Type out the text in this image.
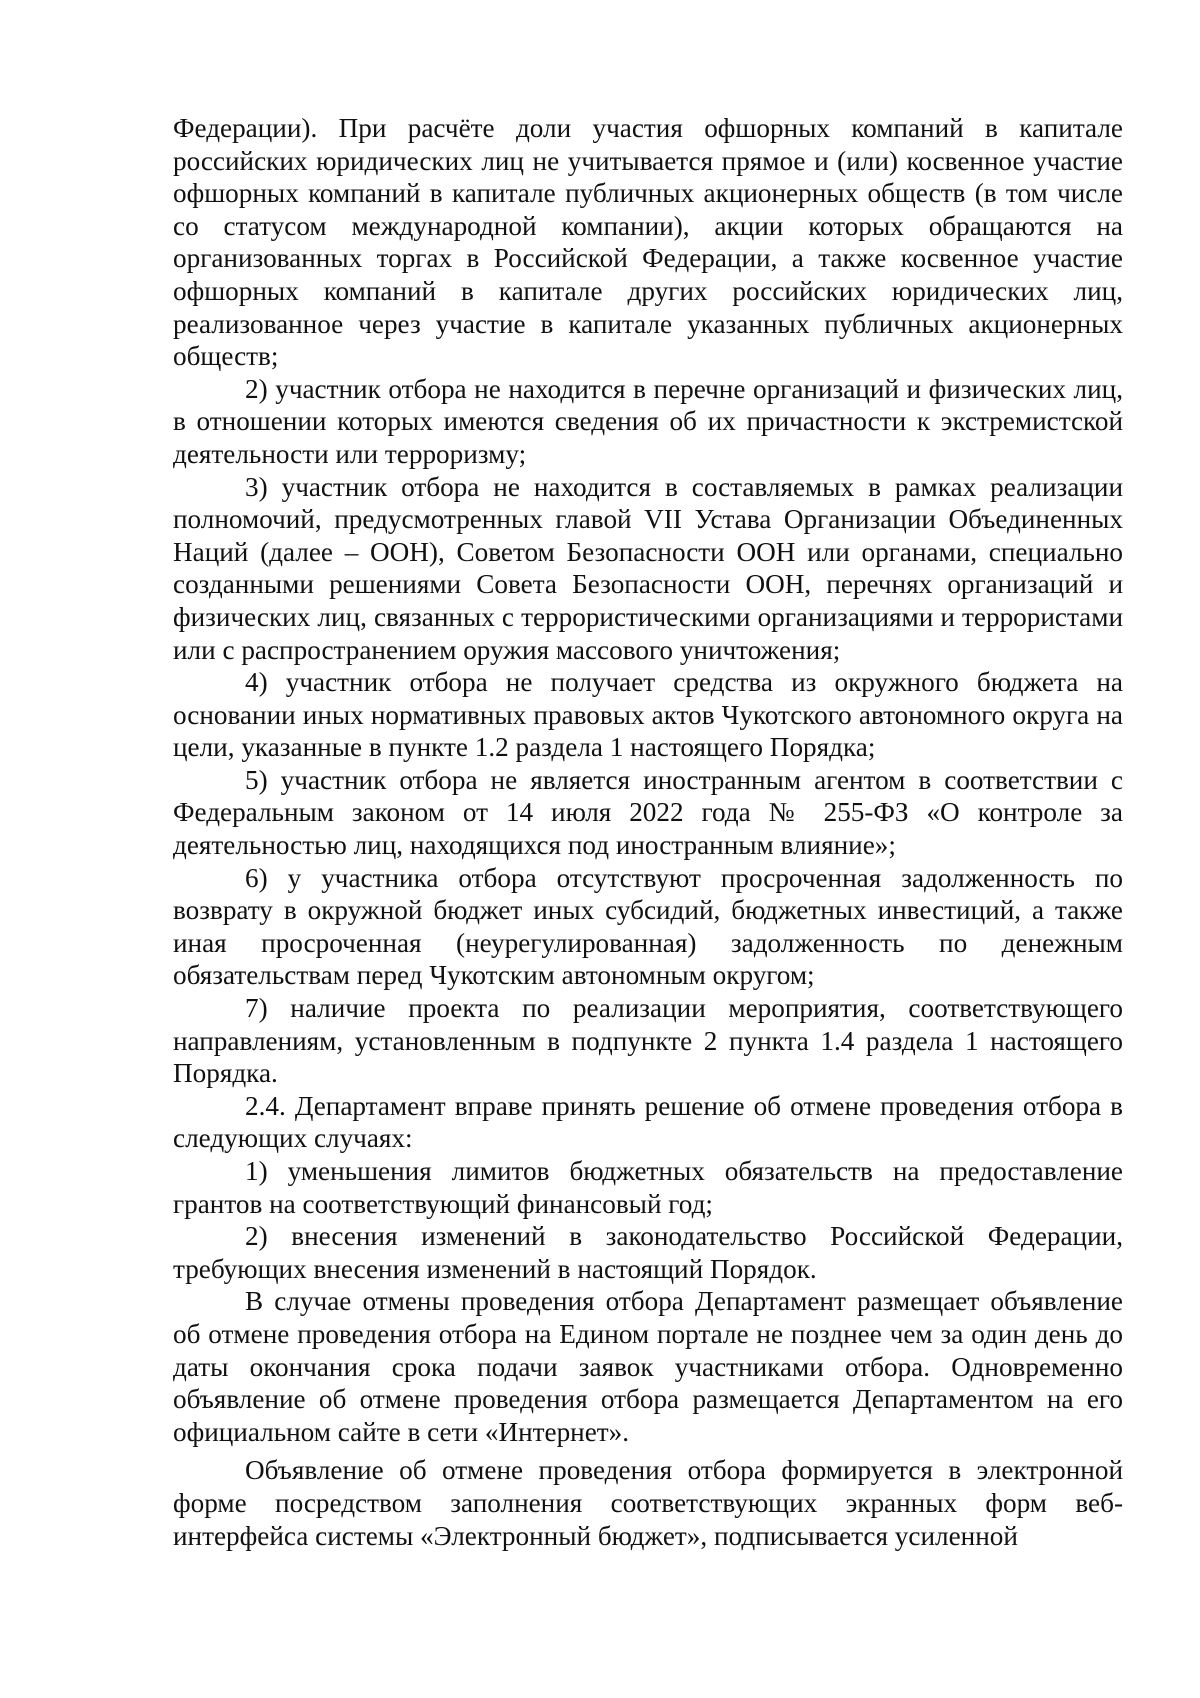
Федерации). При расчёте доли участия офшорных компаний в капитале российских юридических лиц не учитывается прямое и (или) косвенное участие офшорных компаний в капитале публичных акционерных обществ (в том числе со статусом международной компании), акции которых обращаются на организованных торгах в Российской Федерации, а также косвенное участие офшорных компаний в капитале других российских юридических лиц, реализованное через участие в капитале указанных публичных акционерных обществ;

2) участник отбора не находится в перечне организаций и физических лиц, в отношении которых имеются сведения об их причастности к экстремистской деятельности или терроризму;

3) участник отбора не находится в составляемых в рамках реализации полномочий, предусмотренных главой VII Устава Организации Объединенных Наций (далее – ООН), Советом Безопасности ООН или органами, специально созданными решениями Совета Безопасности ООН, перечнях организаций и физических лиц, связанных с террористическими организациями и террористами или с распространением оружия массового уничтожения;

4) участник отбора не получает средства из окружного бюджета на основании иных нормативных правовых актов Чукотского автономного округа на цели, указанные в пункте 1.2 раздела 1 настоящего Порядка;

5) участник отбора не является иностранным агентом в соответствии с Федеральным законом от 14 июля 2022 года № 255-ФЗ «О контроле за деятельностью лиц, находящихся под иностранным влияние»;

6) у участника отбора отсутствуют просроченная задолженность по возврату в окружной бюджет иных субсидий, бюджетных инвестиций, а также иная просроченная (неурегулированная) задолженность по денежным обязательствам перед Чукотским автономным округом;

7) наличие проекта по реализации мероприятия, соответствующего направлениям, установленным в подпункте 2 пункта 1.4 раздела 1 настоящего Порядка.

2.4. Департамент вправе принять решение об отмене проведения отбора в следующих случаях:

1) уменьшения лимитов бюджетных обязательств на предоставление грантов на соответствующий финансовый год;

2) внесения изменений в законодательство Российской Федерации, требующих внесения изменений в настоящий Порядок.

В случае отмены проведения отбора Департамент размещает объявление об отмене проведения отбора на Едином портале не позднее чем за один день до даты окончания срока подачи заявок участниками отбора. Одновременно объявление об отмене проведения отбора размещается Департаментом на его официальном сайте в сети «Интернет».

Объявление об отмене проведения отбора формируется в электронной форме посредством заполнения соответствующих экранных форм веб-интерфейса системы «Электронный бюджет», подписывается усиленной
